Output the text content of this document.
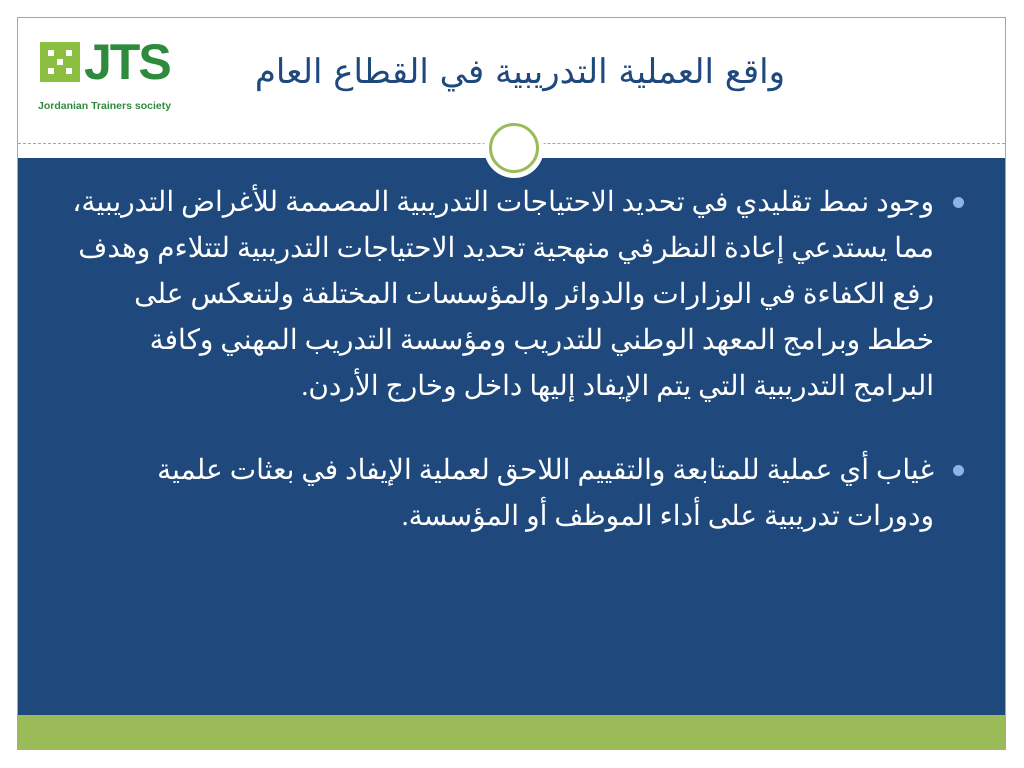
JTS
Jordanian Trainers society
واقع العملية التدريبية في القطاع العام
وجود نمط تقليدي في تحديد الاحتياجات التدريبية المصممة للأغراض التدريبية، مما يستدعي إعادة النظرفي منهجية تحديد الاحتياجات التدريبية لتتلاءم وهدف رفع الكفاءة في الوزارات والدوائر والمؤسسات المختلفة ولتنعكس على خطط وبرامج المعهد الوطني للتدريب ومؤسسة التدريب المهني وكافة البرامج التدريبية التي يتم الإيفاد إليها داخل وخارج الأردن.
غياب أي عملية للمتابعة والتقييم اللاحق لعملية الإيفاد في بعثات علمية ودورات تدريبية على أداء الموظف أو المؤسسة.
